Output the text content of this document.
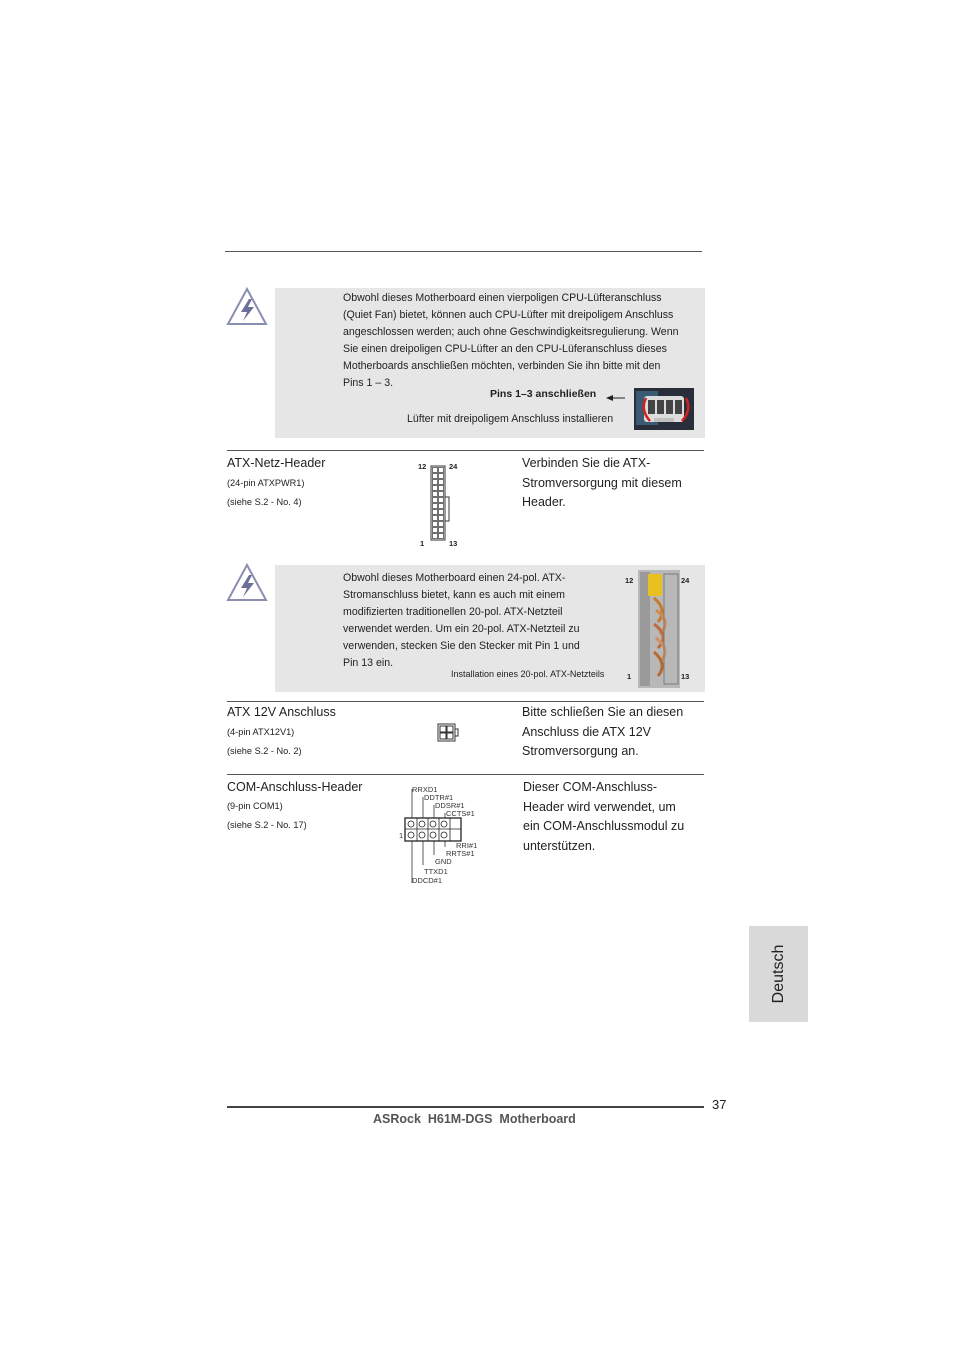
Obwohl dieses Motherboard einen vierpoligen CPU-Lüfteranschluss
(Quiet Fan) bietet, können auch CPU-Lüfter mit dreipoligem Anschluss
angeschlossen werden; auch ohne Geschwindigkeitsregulierung. Wenn
Sie einen dreipoligen CPU-Lüfter an den CPU-Lüferanschluss dieses
Motherboards anschließen möchten, verbinden Sie ihn bitte mit den
Pins 1 – 3.
Pins 1–3 anschließen
Lüfter mit dreipoligem Anschluss installieren
ATX-Netz-Header
(24-pin ATXPWR1)
(siehe S.2 - No. 4)
Verbinden Sie die ATX-
Stromversorgung mit diesem
Header.
12	24
1	13
Obwohl dieses Motherboard einen 24-pol. ATX-
Stromanschluss bietet, kann es auch mit einem
modifizierten traditionellen 20-pol. ATX-Netzteil
verwendet werden. Um ein 20-pol. ATX-Netzteil zu
verwenden, stecken Sie den Stecker mit Pin 1 und
Pin 13 ein.
Installation eines 20-pol. ATX-Netzteils
12	24
1	13
ATX 12V Anschluss
(4-pin ATX12V1)
(siehe S.2 - No. 2)
Bitte schließen Sie an diesen
Anschluss die ATX 12V
Stromversorgung an.
COM-Anschluss-Header
(9-pin COM1)
(siehe S.2 - No. 17)
Dieser COM-Anschluss-
Header wird verwendet, um
ein COM-Anschlussmodul zu
unterstützen.
RRXD1
DDTR#1
DDSR#1
CCTS#1
RRI#1
RRTS#1
GND
TTXD1
DDCD#1
1
Deutsch
37
ASRock  H61M-DGS  Motherboard
